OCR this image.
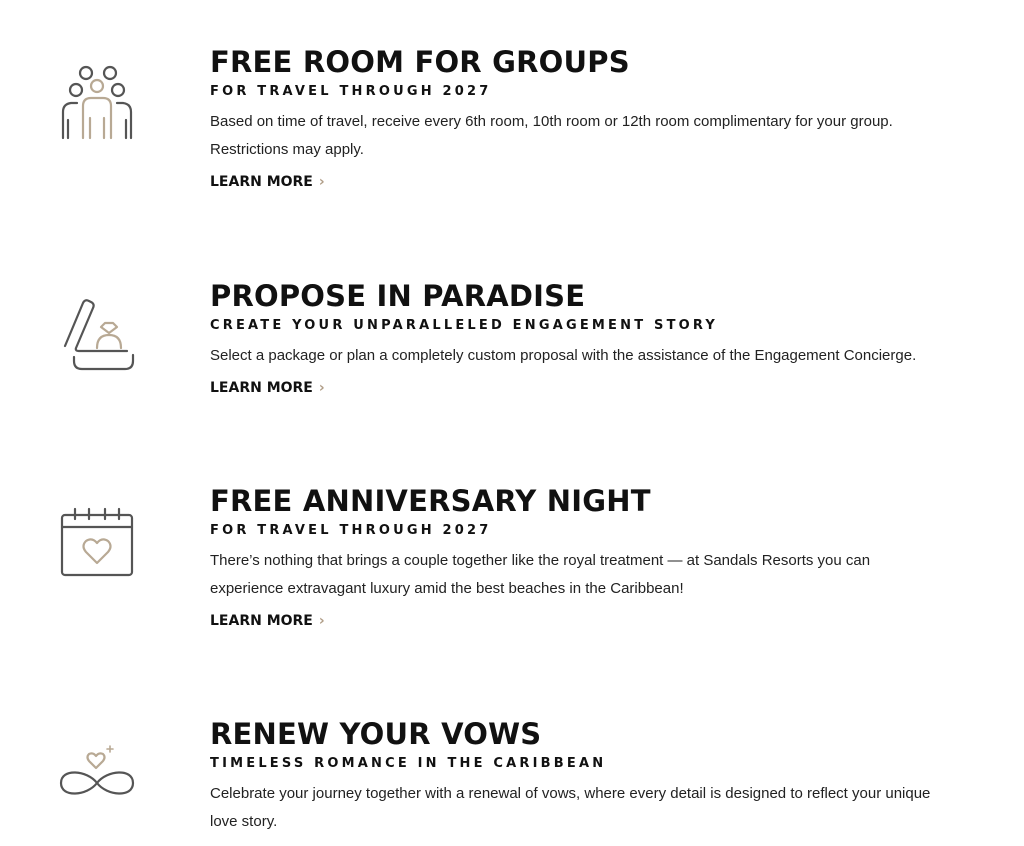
FREE ROOM FOR GROUPS
FOR TRAVEL THROUGH 2027
Based on time of travel, receive every 6th room, 10th room or 12th room complimentary for your group. Restrictions may apply.
LEARN MORE ›
PROPOSE IN PARADISE
CREATE YOUR UNPARALLELED ENGAGEMENT STORY
Select a package or plan a completely custom proposal with the assistance of the Engagement Concierge.
LEARN MORE ›
FREE ANNIVERSARY NIGHT
FOR TRAVEL THROUGH 2027
There’s nothing that brings a couple together like the royal treatment — at Sandals Resorts you can experience extravagant luxury amid the best beaches in the Caribbean!
LEARN MORE ›
RENEW YOUR VOWS
TIMELESS ROMANCE IN THE CARIBBEAN
Celebrate your journey together with a renewal of vows, where every detail is designed to reflect your unique love story.
